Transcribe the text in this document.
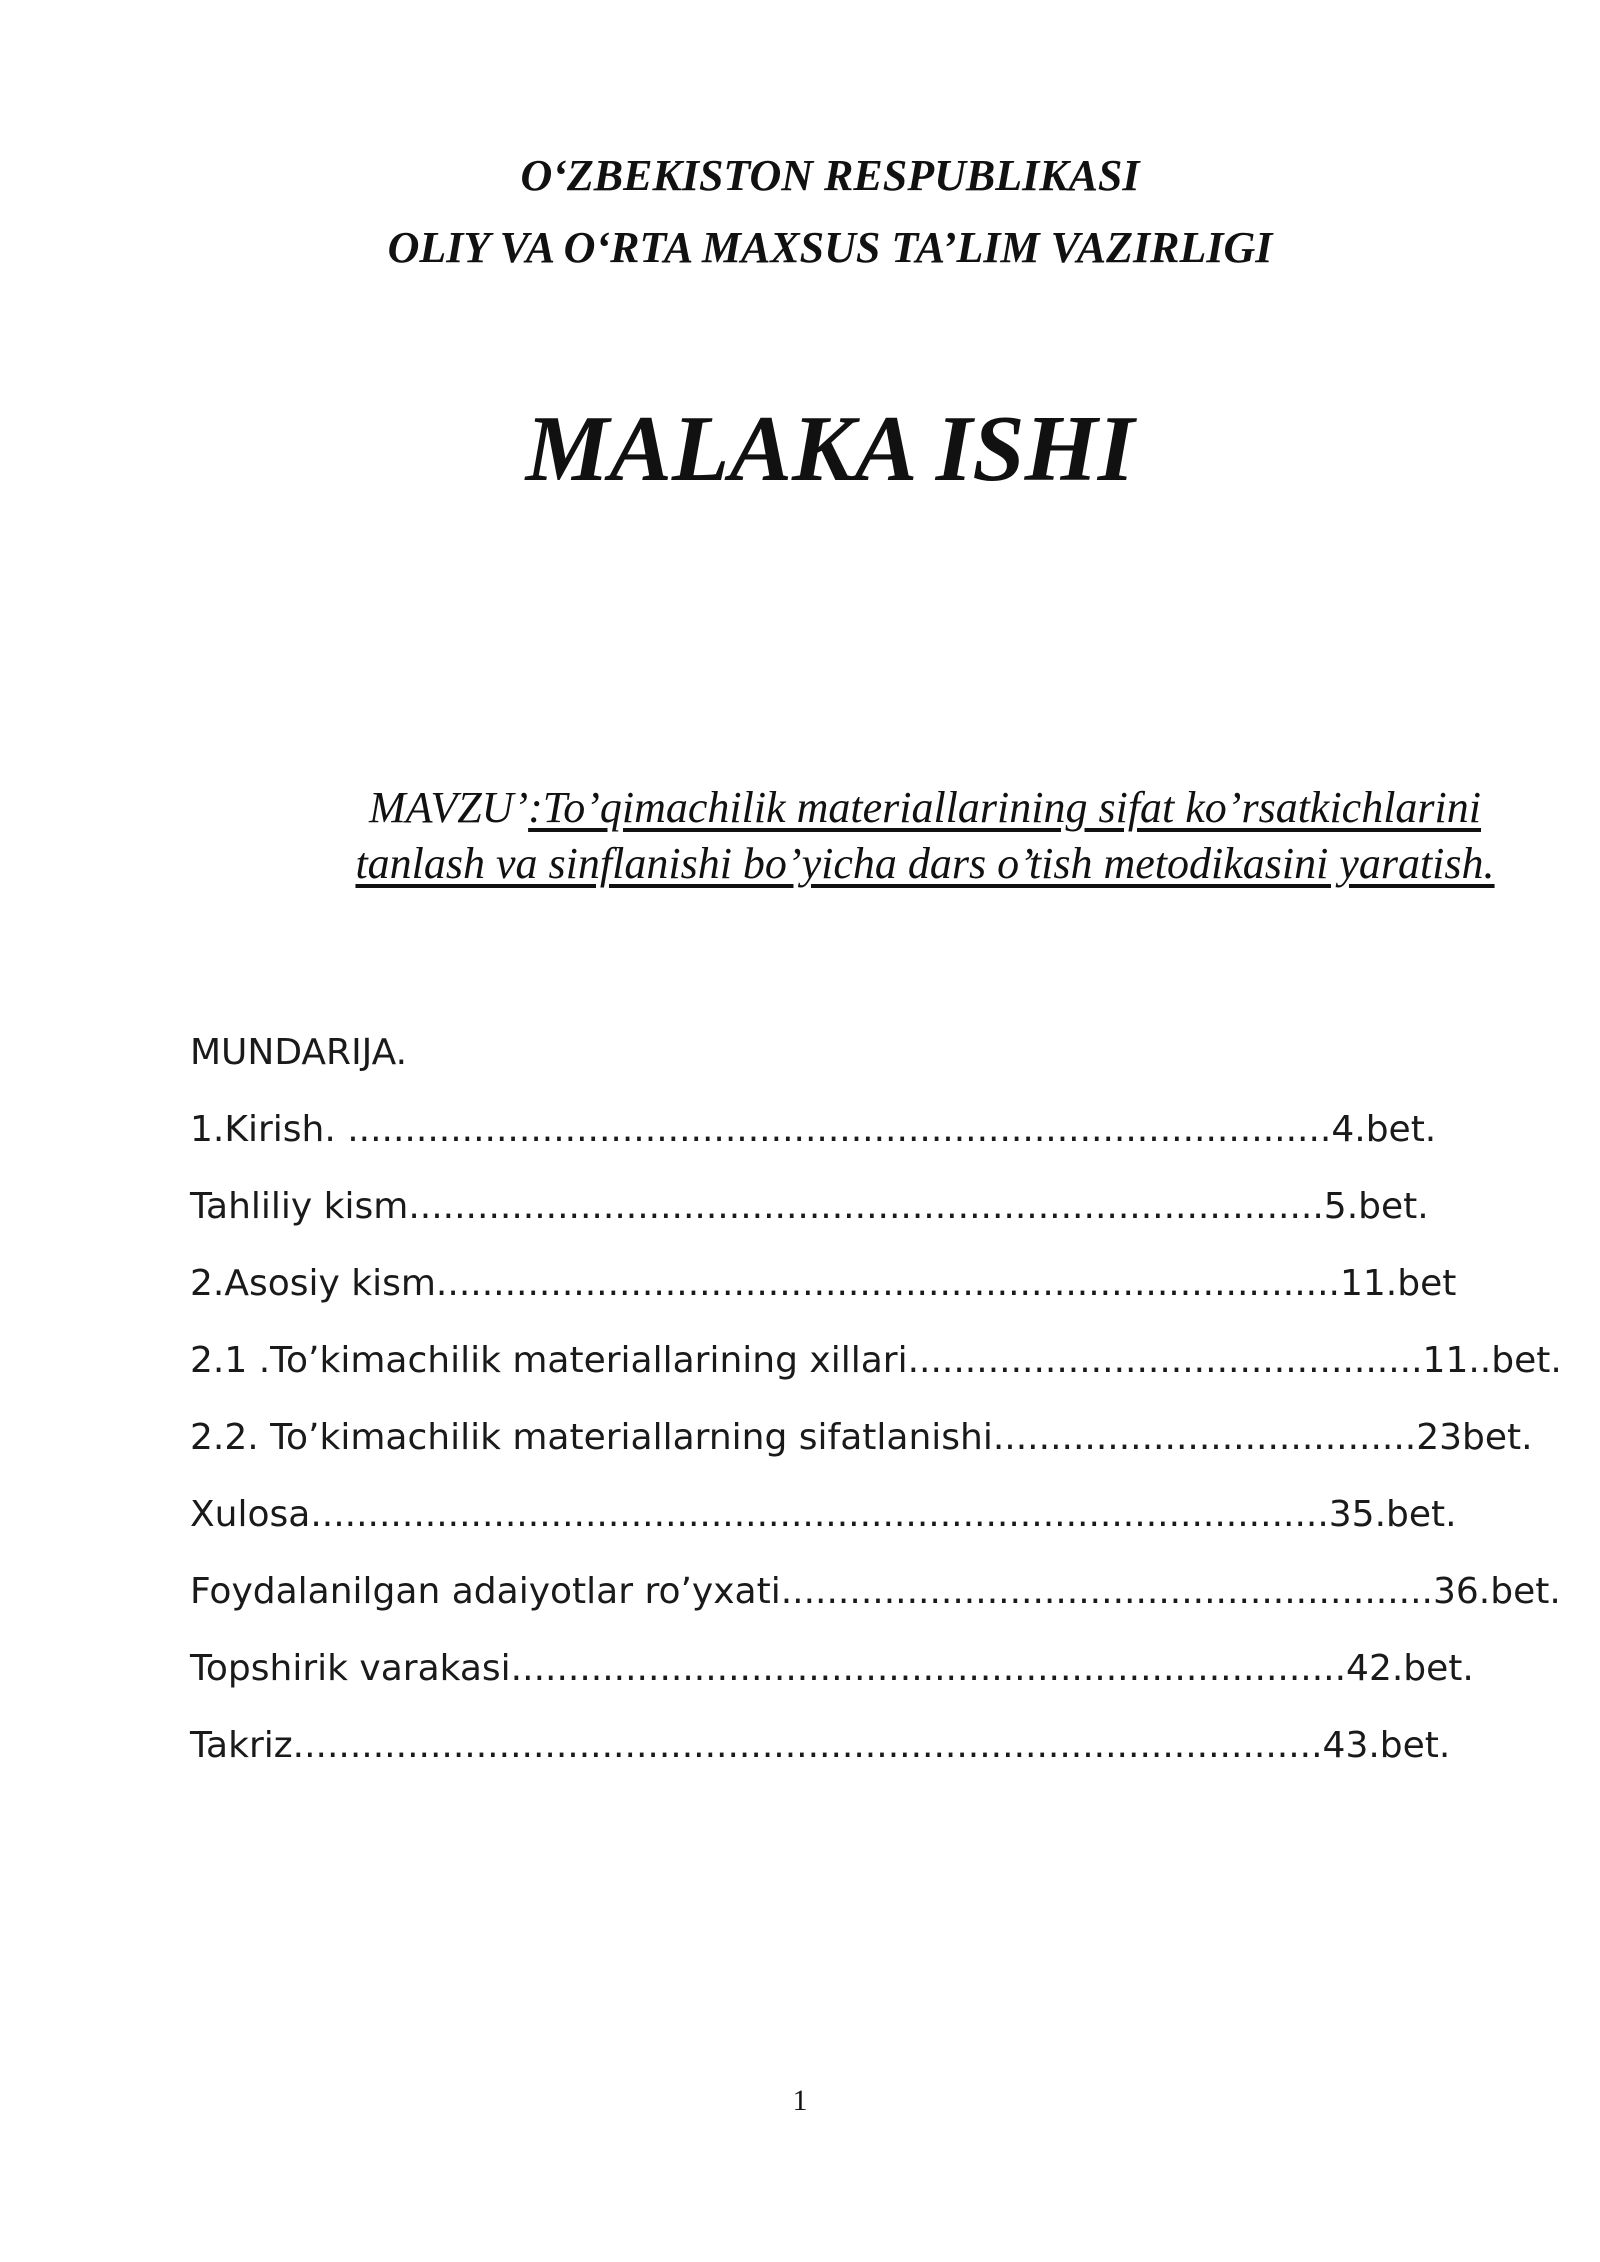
O‘ZBEKISTON RESPUBLIKASI
OLIY VA O‘RTA MAXSUS TA’LIM VAZIRLIGI
MALAKA ISHI
MAVZU’:To’qimachilik materiallarining sifat ko’rsatkichlarini tanlash va sinflanishi bo’yicha dars o’tish metodikasini yaratish.
MUNDARIJA.
1.Kirish. ......................................................................................4.bet.
Tahliliy kism................................................................................5.bet.
2.Asosiy kism...............................................................................11.bet
2.1 .To’kimachilik materiallarining xillari.............................................11..bet.
2.2. To’kimachilik materiallarning sifatlanishi.....................................23bet.
Xulosa.........................................................................................35.bet.
Foydalanilgan adaiyotlar ro’yxati.........................................................36.bet.
Topshirik varakasi.........................................................................42.bet.
Takriz..........................................................................................43.bet.
1
